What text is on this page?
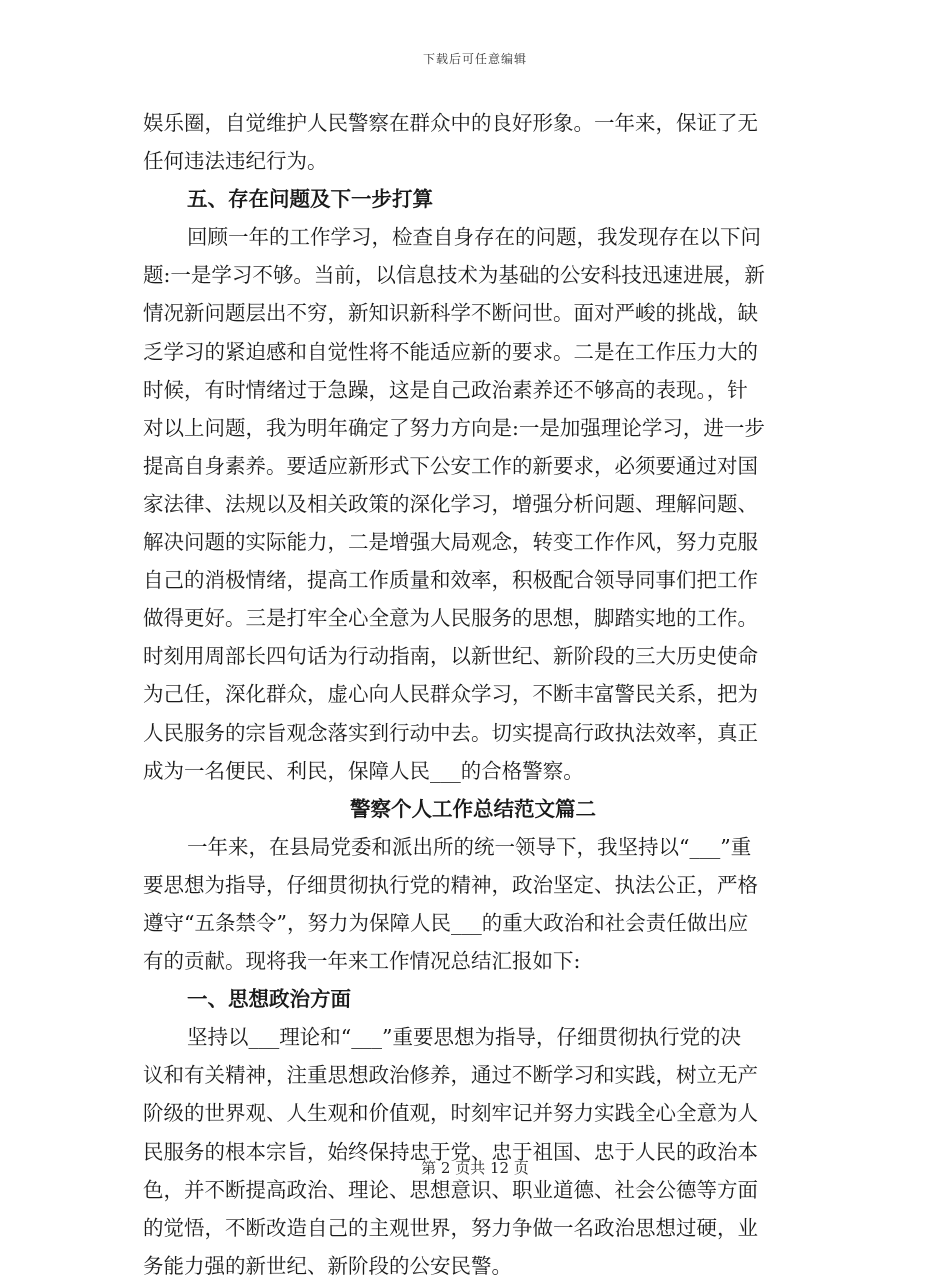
下载后可任意编辑
娱乐圈，自觉维护人民警察在群众中的良好形象。一年来，保证了无
任何违法违纪行为。
五、存在问题及下一步打算
回顾一年的工作学习，检查自身存在的问题，我发现存在以下问
题:一是学习不够。当前，以信息技术为基础的公安科技迅速进展，新
情况新问题层出不穷，新知识新科学不断问世。面对严峻的挑战，缺
乏学习的紧迫感和自觉性将不能适应新的要求。二是在工作压力大的
时候，有时情绪过于急躁，这是自己政治素养还不够高的表现。，针
对以上问题，我为明年确定了努力方向是:一是加强理论学习，进一步
提高自身素养。要适应新形式下公安工作的新要求，必须要通过对国
家法律、法规以及相关政策的深化学习，增强分析问题、理解问题、
解决问题的实际能力，二是增强大局观念，转变工作作风，努力克服
自己的消极情绪，提高工作质量和效率，积极配合领导同事们把工作
做得更好。三是打牢全心全意为人民服务的思想，脚踏实地的工作。
时刻用周部长四句话为行动指南，以新世纪、新阶段的三大历史使命
为己任，深化群众，虚心向人民群众学习，不断丰富警民关系，把为
人民服务的宗旨观念落实到行动中去。切实提高行政执法效率，真正
成为一名便民、利民，保障人民___的合格警察。
警察个人工作总结范文篇二
一年来，在县局党委和派出所的统一领导下，我坚持以“___”重
要思想为指导，仔细贯彻执行党的精神，政治坚定、执法公正，严格
遵守“五条禁令”，努力为保障人民___的重大政治和社会责任做出应
有的贡献。现将我一年来工作情况总结汇报如下:
一、思想政治方面
坚持以___理论和“___”重要思想为指导，仔细贯彻执行党的决
议和有关精神，注重思想政治修养，通过不断学习和实践，树立无产
阶级的世界观、人生观和价值观，时刻牢记并努力实践全心全意为人
民服务的根本宗旨，始终保持忠于党、忠于祖国、忠于人民的政治本
色，并不断提高政治、理论、思想意识、职业道德、社会公德等方面
的觉悟，不断改造自己的主观世界，努力争做一名政治思想过硬，业
务能力强的新世纪、新阶段的公安民警。
第 2 页共 12 页
